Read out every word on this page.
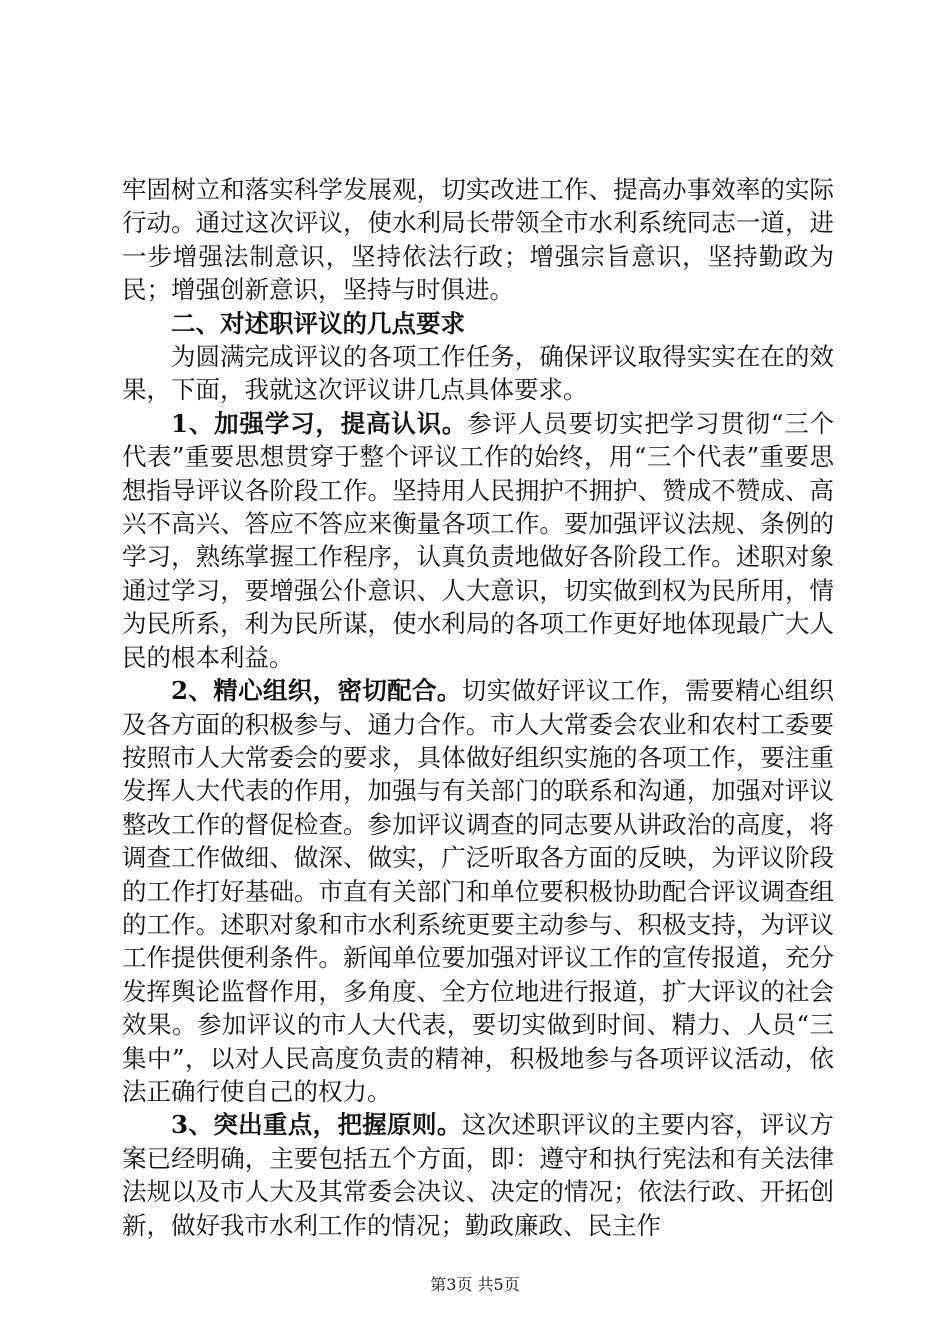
牢固树立和落实科学发展观，切实改进工作、提高办事效率的实际行动。通过这次评议，使水利局长带领全市水利系统同志一道，进一步增强法制意识，坚持依法行政；增强宗旨意识，坚持勤政为民；增强创新意识，坚持与时俱进。

二、对述职评议的几点要求

为圆满完成评议的各项工作任务，确保评议取得实实在在的效果，下面，我就这次评议讲几点具体要求。

1、加强学习，提高认识。参评人员要切实把学习贯彻“三个代表”重要思想贯穿于整个评议工作的始终，用“三个代表”重要思想指导评议各阶段工作。坚持用人民拥护不拥护、赞成不赞成、高兴不高兴、答应不答应来衡量各项工作。要加强评议法规、条例的学习，熟练掌握工作程序，认真负责地做好各阶段工作。述职对象通过学习，要增强公仆意识、人大意识，切实做到权为民所用，情为民所系，利为民所谋，使水利局的各项工作更好地体现最广大人民的根本利益。

2、精心组织，密切配合。切实做好评议工作，需要精心组织及各方面的积极参与、通力合作。市人大常委会农业和农村工委要按照市人大常委会的要求，具体做好组织实施的各项工作，要注重发挥人大代表的作用，加强与有关部门的联系和沟通，加强对评议整改工作的督促检查。参加评议调查的同志要从讲政治的高度，将调查工作做细、做深、做实，广泛听取各方面的反映，为评议阶段的工作打好基础。市直有关部门和单位要积极协助配合评议调查组的工作。述职对象和市水利系统更要主动参与、积极支持，为评议工作提供便利条件。新闻单位要加强对评议工作的宣传报道，充分发挥舆论监督作用，多角度、全方位地进行报道，扩大评议的社会效果。参加评议的市人大代表，要切实做到时间、精力、人员“三集中”，以对人民高度负责的精神，积极地参与各项评议活动，依法正确行使自己的权力。

3、突出重点，把握原则。这次述职评议的主要内容，评议方案已经明确，主要包括五个方面，即：遵守和执行宪法和有关法律法规以及市人大及其常委会决议、决定的情况；依法行政、开拓创新，做好我市水利工作的情况；勤政廉政、民主作

第3页 共5页
